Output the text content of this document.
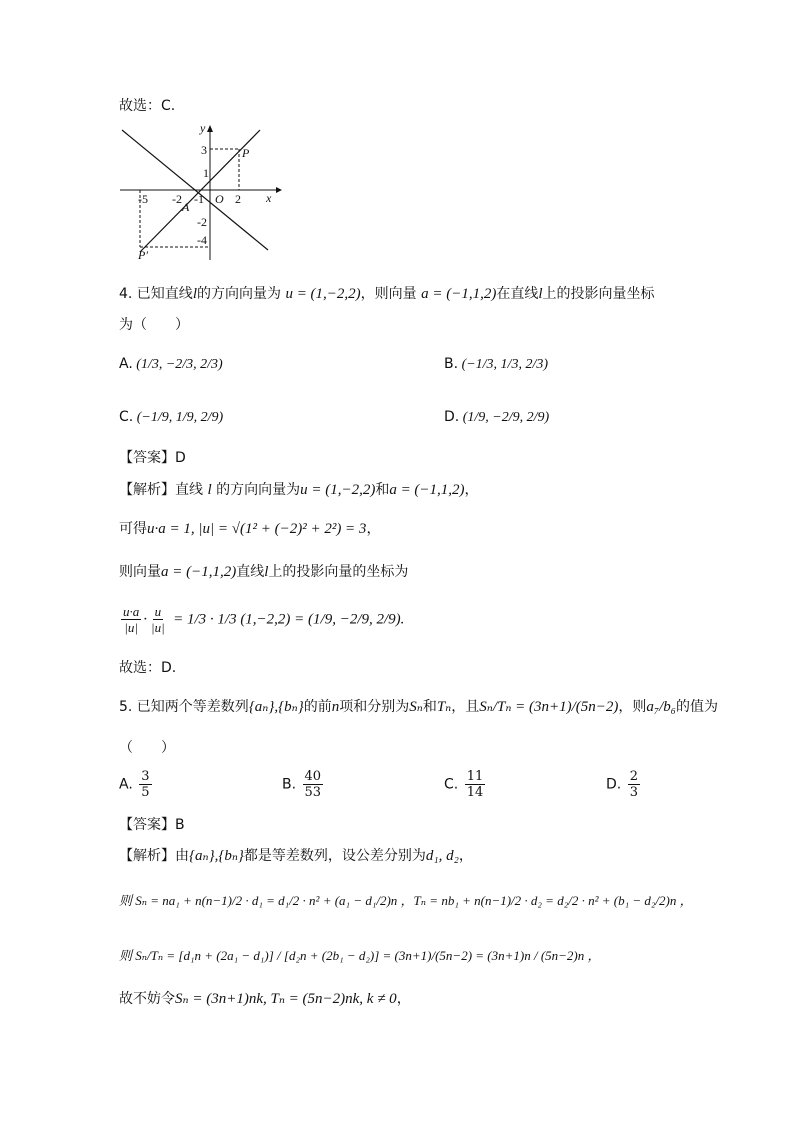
故选：C.
y
x
3	P
1
-5 -2
A
-1 O 2
-2
-4
P′
4. 已知直线l的方向向量为 u = (1,−2,2)，则向量 a = (−1,1,2)在直线l上的投影向量坐标
为（　　）
A. (1/3, −2/3, 2/3)	B. (−1/3, 1/3, 2/3)
C. (−1/9, 1/9, 2/9)	D. (1/9, −2/9, 2/9)
【答案】D
【解析】直线 l 的方向向量为u = (1,−2,2)和a = (−1,1,2)，
可得u·a = 1, |u| = √(1² + (−2)² + 2²) = 3，
则向量a = (−1,1,2)直线l上的投影向量的坐标为
$\frac{u\cdot a}{|u|} \cdot \frac{u}{|u|} = 1/3 \cdot 1/3$ (1,−2,2) = (1/9, −2/9, 2/9).
故选：D.
5. 已知两个等差数列{aₙ},{bₙ}的前n项和分别为Sₙ和Tₙ，且Sₙ/Tₙ = (3n+1)/(5n−2)，则a₇/b₆的值为
（　　）
A. $\frac{3}{5}$	B. $\frac{40}{53}$	C. $\frac{11}{14}$	D. $\frac{2}{3}$
【答案】B
【解析】由{aₙ},{bₙ}都是等差数列，设公差分别为d₁, d₂，
则 Sₙ = na₁ + n(n−1)/2 · d₁ = d₁/2 · n² + (a₁ − d₁/2)n ，Tₙ = nb₁ + n(n−1)/2 · d₂ = d₂/2 · n² + (b₁ − d₂/2)n ，
则 Sₙ/Tₙ = [d₁n + (2a₁ − d₁)] / [d₂n + (2b₁ − d₂)] = (3n+1)/(5n−2) = (3n+1)n / (5n−2)n ，
故不妨令Sₙ = (3n+1)nk, Tₙ = (5n−2)nk, k ≠ 0，
